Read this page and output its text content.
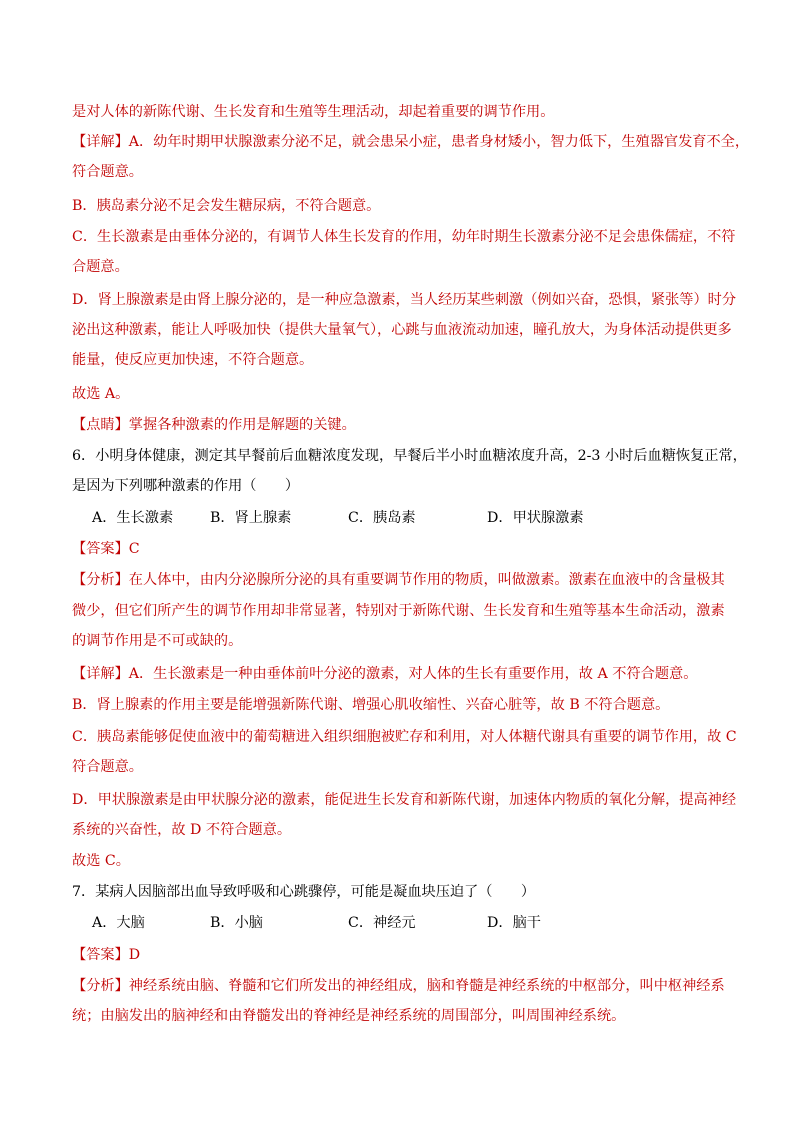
是对人体的新陈代谢、生长发育和生殖等生理活动，却起着重要的调节作用。

【详解】A．幼年时期甲状腺激素分泌不足，就会患呆小症，患者身材矮小，智力低下，生殖器官发育不全，

符合题意。

B．胰岛素分泌不足会发生糖尿病，不符合题意。

C．生长激素是由垂体分泌的，有调节人体生长发育的作用，幼年时期生长激素分泌不足会患侏儒症，不符

合题意。

D．肾上腺激素是由肾上腺分泌的，是一种应急激素，当人经历某些刺激（例如兴奋，恐惧，紧张等）时分

泌出这种激素，能让人呼吸加快（提供大量氧气），心跳与血液流动加速，瞳孔放大，为身体活动提供更多

能量，使反应更加快速，不符合题意。

故选 A。

【点睛】掌握各种激素的作用是解题的关键。

6．小明身体健康，测定其早餐前后血糖浓度发现，早餐后半小时血糖浓度升高，2-3 小时后血糖恢复正常，

是因为下列哪种激素的作用（　　）

A．生长激素	B．肾上腺素	C．胰岛素	D．甲状腺激素

【答案】C

【分析】在人体中，由内分泌腺所分泌的具有重要调节作用的物质，叫做激素。激素在血液中的含量极其

微少，但它们所产生的调节作用却非常显著，特别对于新陈代谢、生长发育和生殖等基本生命活动，激素

的调节作用是不可或缺的。

【详解】A．生长激素是一种由垂体前叶分泌的激素，对人体的生长有重要作用，故 A 不符合题意。

B．肾上腺素的作用主要是能增强新陈代谢、增强心肌收缩性、兴奋心脏等，故 B 不符合题意。

C．胰岛素能够促使血液中的葡萄糖进入组织细胞被贮存和利用，对人体糖代谢具有重要的调节作用，故 C

符合题意。

D．甲状腺激素是由甲状腺分泌的激素，能促进生长发育和新陈代谢，加速体内物质的氧化分解，提高神经

系统的兴奋性，故 D 不符合题意。

故选 C。

7．某病人因脑部出血导致呼吸和心跳骤停，可能是凝血块压迫了（　　）

A．大脑	B．小脑	C．神经元	D．脑干

【答案】D

【分析】神经系统由脑、脊髓和它们所发出的神经组成，脑和脊髓是神经系统的中枢部分，叫中枢神经系

统；由脑发出的脑神经和由脊髓发出的脊神经是神经系统的周围部分，叫周围神经系统。
